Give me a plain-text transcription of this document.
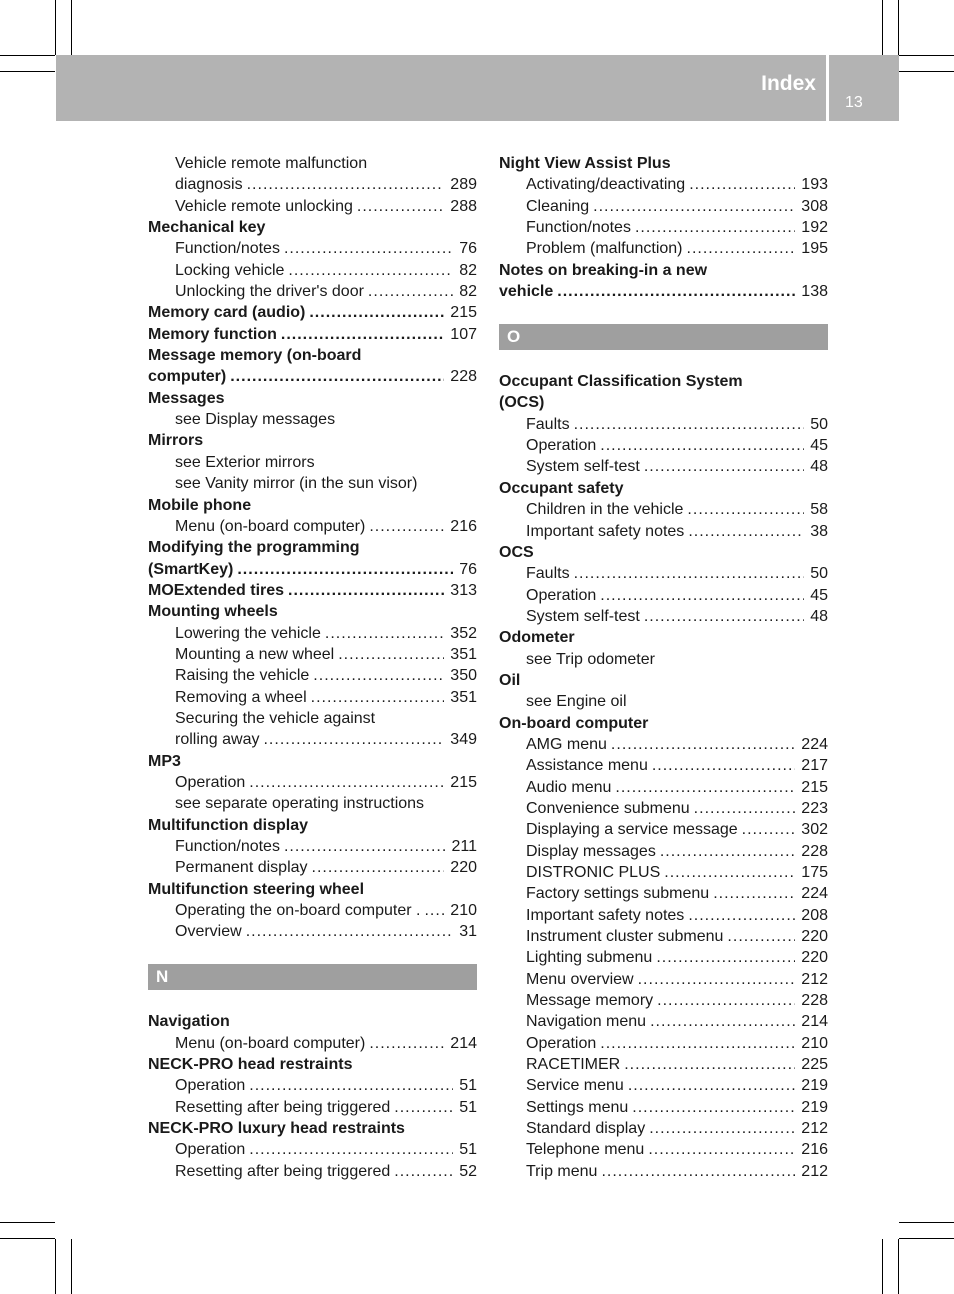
Index
13
Vehicle remote malfunction
diagnosis .....	289
Vehicle remote unlocking .....	288
Mechanical key
Function/notes .....	76
Locking vehicle .....	82
Unlocking the driver's door .....	82
Memory card (audio) .....	215
Memory function .....	107
Message memory (on-board
computer) .....	228
Messages
see Display messages
Mirrors
see Exterior mirrors
see Vanity mirror (in the sun visor)
Mobile phone
Menu (on-board computer) .....	216
Modifying the programming
(SmartKey) .....	76
MOExtended tires .....	313
Mounting wheels
Lowering the vehicle .....	352
Mounting a new wheel .....	351
Raising the vehicle .....	350
Removing a wheel .....	351
Securing the vehicle against
rolling away .....	349
MP3
Operation .....	215
see separate operating instructions
Multifunction display
Function/notes .....	211
Permanent display .....	220
Multifunction steering wheel
Operating the on-board computer . ..... 210
Overview .....	31
N
Navigation
Menu (on-board computer) .....	214
NECK-PRO head restraints
Operation .....	51
Resetting after being triggered .....	51
NECK-PRO luxury head restraints
Operation .....	51
Resetting after being triggered .....	52
Night View Assist Plus
Activating/deactivating .....	193
Cleaning .....	308
Function/notes .....	192
Problem (malfunction) .....	195
Notes on breaking-in a new
vehicle .....	138
O
Occupant Classification System
(OCS)
Faults .....	50
Operation .....	45
System self-test .....	48
Occupant safety
Children in the vehicle .....	58
Important safety notes .....	38
OCS
Faults .....	50
Operation .....	45
System self-test .....	48
Odometer
see Trip odometer
Oil
see Engine oil
On-board computer
AMG menu .....	224
Assistance menu .....	217
Audio menu .....	215
Convenience submenu .....	223
Displaying a service message .....	302
Display messages .....	228
DISTRONIC PLUS .....	175
Factory settings submenu .....	224
Important safety notes .....	208
Instrument cluster submenu .....	220
Lighting submenu .....	220
Menu overview .....	212
Message memory .....	228
Navigation menu .....	214
Operation .....	210
RACETIMER .....	225
Service menu .....	219
Settings menu .....	219
Standard display .....	212
Telephone menu .....	216
Trip menu .....	212
